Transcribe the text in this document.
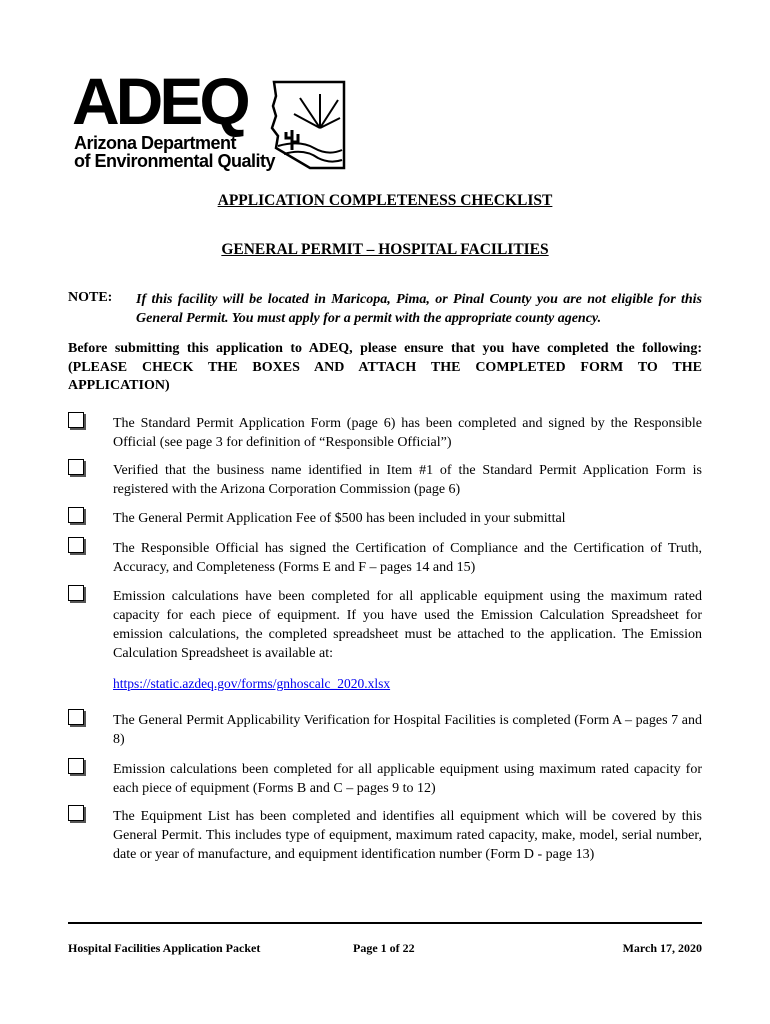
ADEQ
Arizona Department
of Environmental Quality
APPLICATION COMPLETENESS CHECKLIST
GENERAL PERMIT – HOSPITAL FACILITIES
NOTE: If this facility will be located in Maricopa, Pima, or Pinal County you are not eligible for this General Permit. You must apply for a permit with the appropriate county agency.
Before submitting this application to ADEQ, please ensure that you have completed the following:
(PLEASE CHECK THE BOXES AND ATTACH THE COMPLETED FORM TO THE
APPLICATION)
The Standard Permit Application Form (page 6) has been completed and signed by the Responsible Official (see page 3 for definition of “Responsible Official”)
Verified that the business name identified in Item #1 of the Standard Permit Application Form is registered with the Arizona Corporation Commission (page 6)
The General Permit Application Fee of $500 has been included in your submittal
The Responsible Official has signed the Certification of Compliance and the Certification of Truth, Accuracy, and Completeness (Forms E and F – pages 14 and 15)
Emission calculations have been completed for all applicable equipment using the maximum rated capacity for each piece of equipment. If you have used the Emission Calculation Spreadsheet for emission calculations, the completed spreadsheet must be attached to the application. The Emission Calculation Spreadsheet is available at:
https://static.azdeq.gov/forms/gnhoscalc_2020.xlsx
The General Permit Applicability Verification for Hospital Facilities is completed (Form A – pages 7 and 8)
Emission calculations been completed for all applicable equipment using maximum rated capacity for each piece of equipment (Forms B and C – pages 9 to 12)
The Equipment List has been completed and identifies all equipment which will be covered by this General Permit. This includes type of equipment, maximum rated capacity, make, model, serial number, date or year of manufacture, and equipment identification number (Form D - page 13)
Hospital Facilities Application Packet	Page 1 of 22	March 17, 2020
